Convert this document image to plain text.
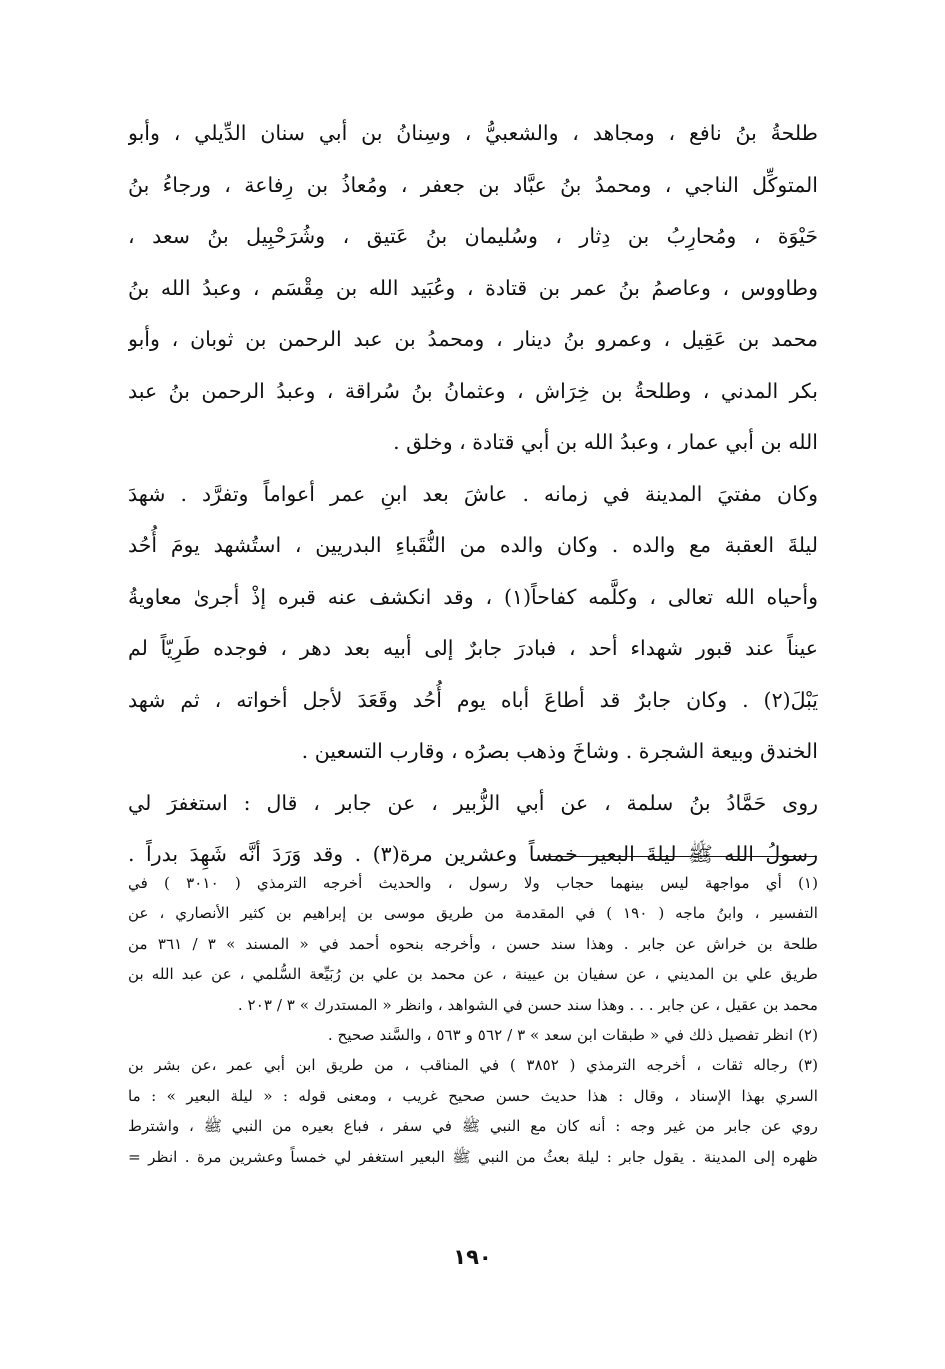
طلحةُ بنُ نافع ، ومجاهد ، والشعبيُّ ، وسِنانُ بن أبي سنان الدِّيلي ، وأبو
المتوكِّل الناجي ، ومحمدُ بنُ عبَّاد بن جعفر ، ومُعاذُ بن رِفاعة ، ورجاءُ بنُ
حَيْوَة ، ومُحارِبُ بن دِثار ، وسُليمان بنُ عَتيق ، وشُرَحْبِيل بنُ سعد ،
وطاووس ، وعاصمُ بنُ عمر بن قتادة ، وعُبَيد الله بن مِقْسَم ، وعبدُ الله بنُ
محمد بن عَقِيل ، وعمرو بنُ دينار ، ومحمدُ بن عبد الرحمن بن ثوبان ، وأبو
بكر المدني ، وطلحةُ بن خِرَاش ، وعثمانُ بنُ سُراقة ، وعبدُ الرحمن بنُ عبد
الله بن أبي عمار ، وعبدُ الله بن أبي قتادة ، وخلق .
وكان مفتيَ المدينة في زمانه . عاشَ بعد ابنِ عمر أعواماً وتفرَّد . شهدَ
ليلةَ العقبة مع والده . وكان والده من النُّقَباءِ البدريين ، استُشهد يومَ أُحُد
وأحياه الله تعالى ، وكلَّمه كفاحاً(١) ، وقد انكشف عنه قبره إذْ أجرىٰ معاويةُ
عيناً عند قبور شهداء أحد ، فبادرَ جابرٌ إلى أبيه بعد دهر ، فوجده طَرِيّاً لم
يَبْلَ(٢) . وكان جابرٌ قد أطاعَ أباه يوم أُحُد وقَعَدَ لأجل أخواته ، ثم شهد
الخندق وبيعة الشجرة . وشاخَ وذهب بصرُه ، وقارب التسعين .
روى حَمَّادُ بنُ سلمة ، عن أبي الزُّبير ، عن جابر ، قال : استغفرَ لي
رسولُ الله ﷺ ليلةَ البعير خمساً وعشرين مرة(٣) . وقد وَرَدَ أنَّه شَهِدَ بدراً .
(١) أي مواجهة ليس بينهما حجاب ولا رسول ، والحديث أخرجه الترمذي ( ٣٠١٠ ) في
التفسير ، وابنُ ماجه ( ١٩٠ ) في المقدمة من طريق موسى بن إبراهيم بن كثير الأنصاري ، عن
طلحة بن خراش عن جابر . وهذا سند حسن ، وأخرجه بنحوه أحمد في « المسند » ٣ / ٣٦١ من
طريق علي بن المديني ، عن سفيان بن عيينة ، عن محمد بن علي بن رُبَيِّعة السُّلمي ، عن عبد الله بن
محمد بن عقيل ، عن جابر . . . وهذا سند حسن في الشواهد ، وانظر « المستدرك » ٣ / ٢٠٣ .
(٢) انظر تفصيل ذلك في « طبقات ابن سعد » ٣ / ٥٦٢ و ٥٦٣ ، والسَّند صحيح .
(٣) رجاله ثقات ، أخرجه الترمذي ( ٣٨٥٢ ) في المناقب ، من طريق ابن أبي عمر ،عن بشر بن
السري بهذا الإسناد ، وقال : هذا حديث حسن صحيح غريب ، ومعنى قوله : « ليلة البعير » : ما
روي عن جابر من غير وجه : أنه كان مع النبي ﷺ في سفر ، فباع بعيره من النبي ﷺ ، واشترط
ظهره إلى المدينة . يقول جابر : ليلة بعثُ من النبي ﷺ البعير استغفر لي خمساً وعشرين مرة . انظر =
١٩٠
